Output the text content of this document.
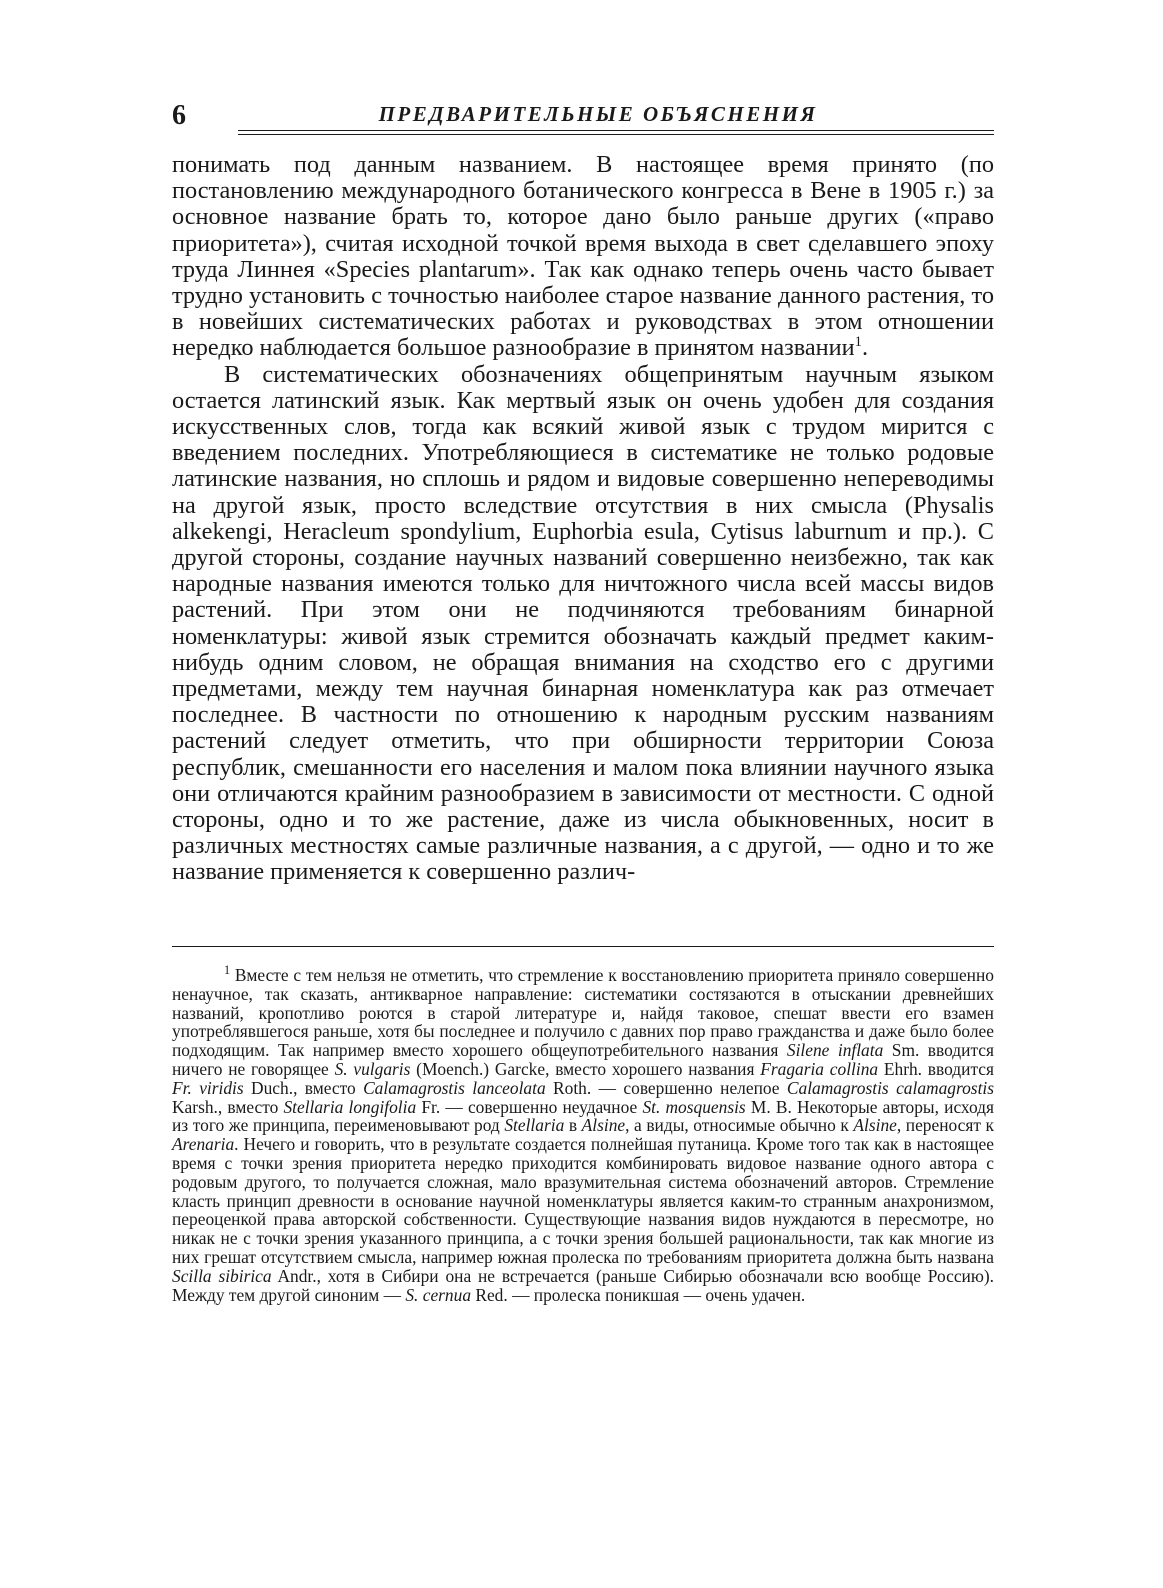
6	ПРЕДВАРИТЕЛЬНЫЕ ОБЪЯСНЕНИЯ

понимать под данным названием. В настоящее время принято (по постановлению международного ботанического конгресса в Вене в 1905 г.) за основное название брать то, которое дано было раньше других («право приоритета»), считая исходной точкой время выхода в свет сделавшего эпоху труда Линнея «Species plantarum». Так как однако теперь очень часто бывает трудно установить с точностью наиболее старое название данного растения, то в новейших систематических работах и руководствах в этом отношении нередко наблюдается большое разнообразие в принятом названии$^1$.

В систематических обозначениях общепринятым научным языком остается латинский язык. Как мертвый язык он очень удобен для создания искусственных слов, тогда как всякий живой язык с трудом мирится с введением последних. Употребляющиеся в систематике не только родовые латинские названия, но сплошь и рядом и видовые совершенно непереводимы на другой язык, просто вследствие отсутствия в них смысла (Physalis alkekengi, Heracleum spondylium, Euphorbia esula, Cytisus laburnum и пр.). С другой стороны, создание научных названий совершенно неизбежно, так как народные названия имеются только для ничтожного числа всей массы видов растений. При этом они не подчиняются требованиям бинарной номенклатуры: живой язык стремится обозначать каждый предмет каким-нибудь одним словом, не обращая внимания на сходство его с другими предметами, между тем научная бинарная номенклатура как раз отмечает последнее. В частности по отношению к народным русским названиям растений следует отметить, что при обширности территории Союза республик, смешанности его населения и малом пока влиянии научного языка они отличаются крайним разнообразием в зависимости от местности. С одной стороны, одно и то же растение, даже из числа обыкновенных, носит в различных местностях самые различные названия, а с другой, — одно и то же название применяется к совершенно различ-

$^1$ Вместе с тем нельзя не отметить, что стремление к восстановлению приоритета приняло совершенно ненаучное, так сказать, антикварное направление: систематики состязаются в отыскании древнейших названий, кропотливо роются в старой литературе и, найдя таковое, спешат ввести его взамен употреблявшегося раньше, хотя бы последнее и получило с давних пор право гражданства и даже было более подходящим. Так например вместо хорошего общеупотребительного названия Silene inflata Sm. вводится ничего не говорящее S. vulgaris (Moench.) Garcke, вместо хорошего названия Fragaria collina Ehrh. вводится Fr. viridis Duch., вместо Calamagrostis lanceolata Roth. — совершенно нелепое Calamagrostis calamagrostis Karsh., вместо Stellaria longifolia Fr. — совершенно неудачное St. mosquensis M. B. Некоторые авторы, исходя из того же принципа, переименовывают род Stellaria в Alsine, а виды, относимые обычно к Alsine, переносят к Arenaria. Нечего и говорить, что в результате создается полнейшая путаница. Кроме того так как в настоящее время с точки зрения приоритета нередко приходится комбинировать видовое название одного автора с родовым другого, то получается сложная, мало вразумительная система обозначений авторов. Стремление класть принцип древности в основание научной номенклатуры является каким-то странным анахронизмом, переоценкой права авторской собственности. Существующие названия видов нуждаются в пересмотре, но никак не с точки зрения указанного принципа, а с точки зрения большей рациональности, так как многие из них грешат отсутствием смысла, например южная пролеска по требованиям приоритета должна быть названа Scilla sibirica Andr., хотя в Сибири она не встречается (раньше Сибирью обозначали всю вообще Россию). Между тем другой синоним — S. cernua Red. — пролеска поникшая — очень удачен.
